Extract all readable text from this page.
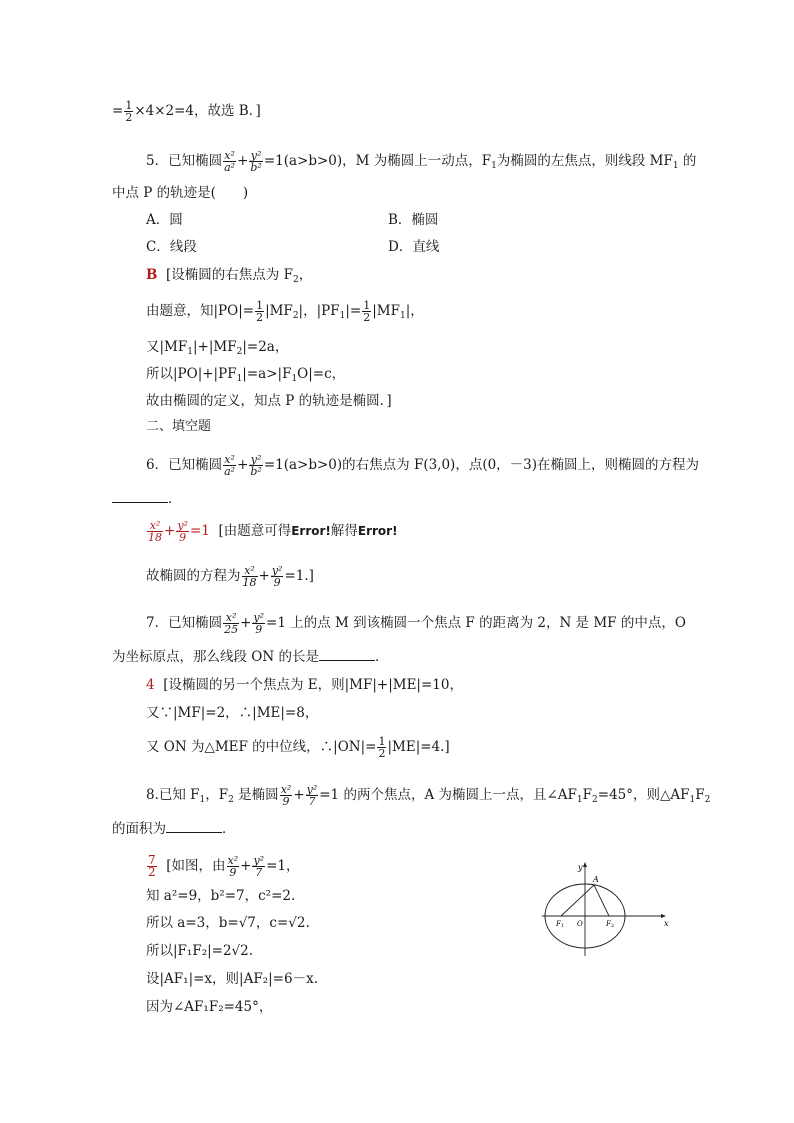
= $\frac{1}{2} \times 4\times 2=4$，故选 B．]
5．已知椭圆 $\frac{\text{x²}}{\text{a²}} + \frac{\text{y²}}{\text{b²}} =1(a>b>0)$，M 为椭圆上一动点，$F_1$为椭圆的左焦点，则线段 $MF_1$ 的
中点 P 的轨迹是(　　)
A．圆	B．椭圆
C．线段	D．直线
B [设椭圆的右焦点为 $F_2$，
由题意，知$|PO|= \frac{1}{2} |MF_2|$，$|PF_1|= \frac{1}{2} |MF_1|$，
又$|MF_1|+|MF_2|=2a$，
所以$|PO|+|PF_1|=a>|F_1O|=c$，
故由椭圆的定义，知点 P 的轨迹是椭圆．]
二、填空题
6．已知椭圆 $\frac{\text{x²}}{\text{a²}} + \frac{\text{y²}}{\text{b²}} =1(a>b>0)$的右焦点为 F(3,0)，点(0，－3)在椭圆上，则椭圆的方程为
．
$\frac{\text{x²}}{18} + \frac{\text{y²}}{9} =1$ [由题意可得Error!解得Error!
故椭圆的方程为 $\frac{\text{x²}}{18} + \frac{\text{y²}}{9} =1$.]
7．已知椭圆 $\frac{\text{x²}}{25} + \frac{\text{y²}}{9} =1$ 上的点 M 到该椭圆一个焦点 F 的距离为 2，N 是 MF 的中点，O
为坐标原点，那么线段 ON 的长是	．
4 [设椭圆的另一个焦点为 E，则|MF|+|ME|=10，
又∵|MF|=2，∴|ME|=8，
又 ON 为△MEF 的中位线，∴|ON|= $\frac{1}{2} |ME|=4$.]
8.已知 $F_1$，$F_2$ 是椭圆 $\frac{\text{x²}}{9} + \frac{\text{y²}}{7} =1$ 的两个焦点，A 为椭圆上一点，且$\angle AF_1F_2=45^\circ$，则$\triangle AF_1F_2$
的面积为	．
$\frac{7}{2}$ [如图，由 $\frac{\text{x²}}{9} + \frac{\text{y²}}{7} =1$，
知 a²=9，b²=7，c²=2.
所以 a=3，b=√7，c=√2.
所以|F₁F₂|=2√2.
设|AF₁|=x，则|AF₂|=6－x.
因为∠AF₁F₂=45°，
y
A
x
F1 O	F2
